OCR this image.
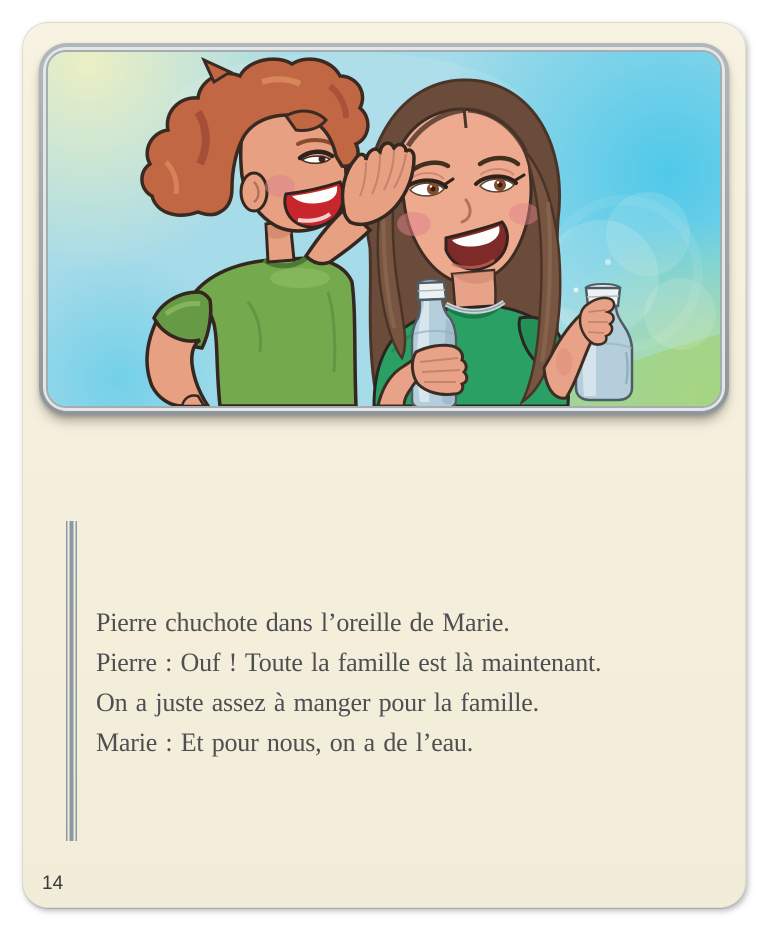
Pierre chuchote dans l’oreille de Marie.

Pierre : Ouf ! Toute la famille est là maintenant.

On a juste assez à manger pour la famille.

Marie : Et pour nous, on a de l’eau.

14
